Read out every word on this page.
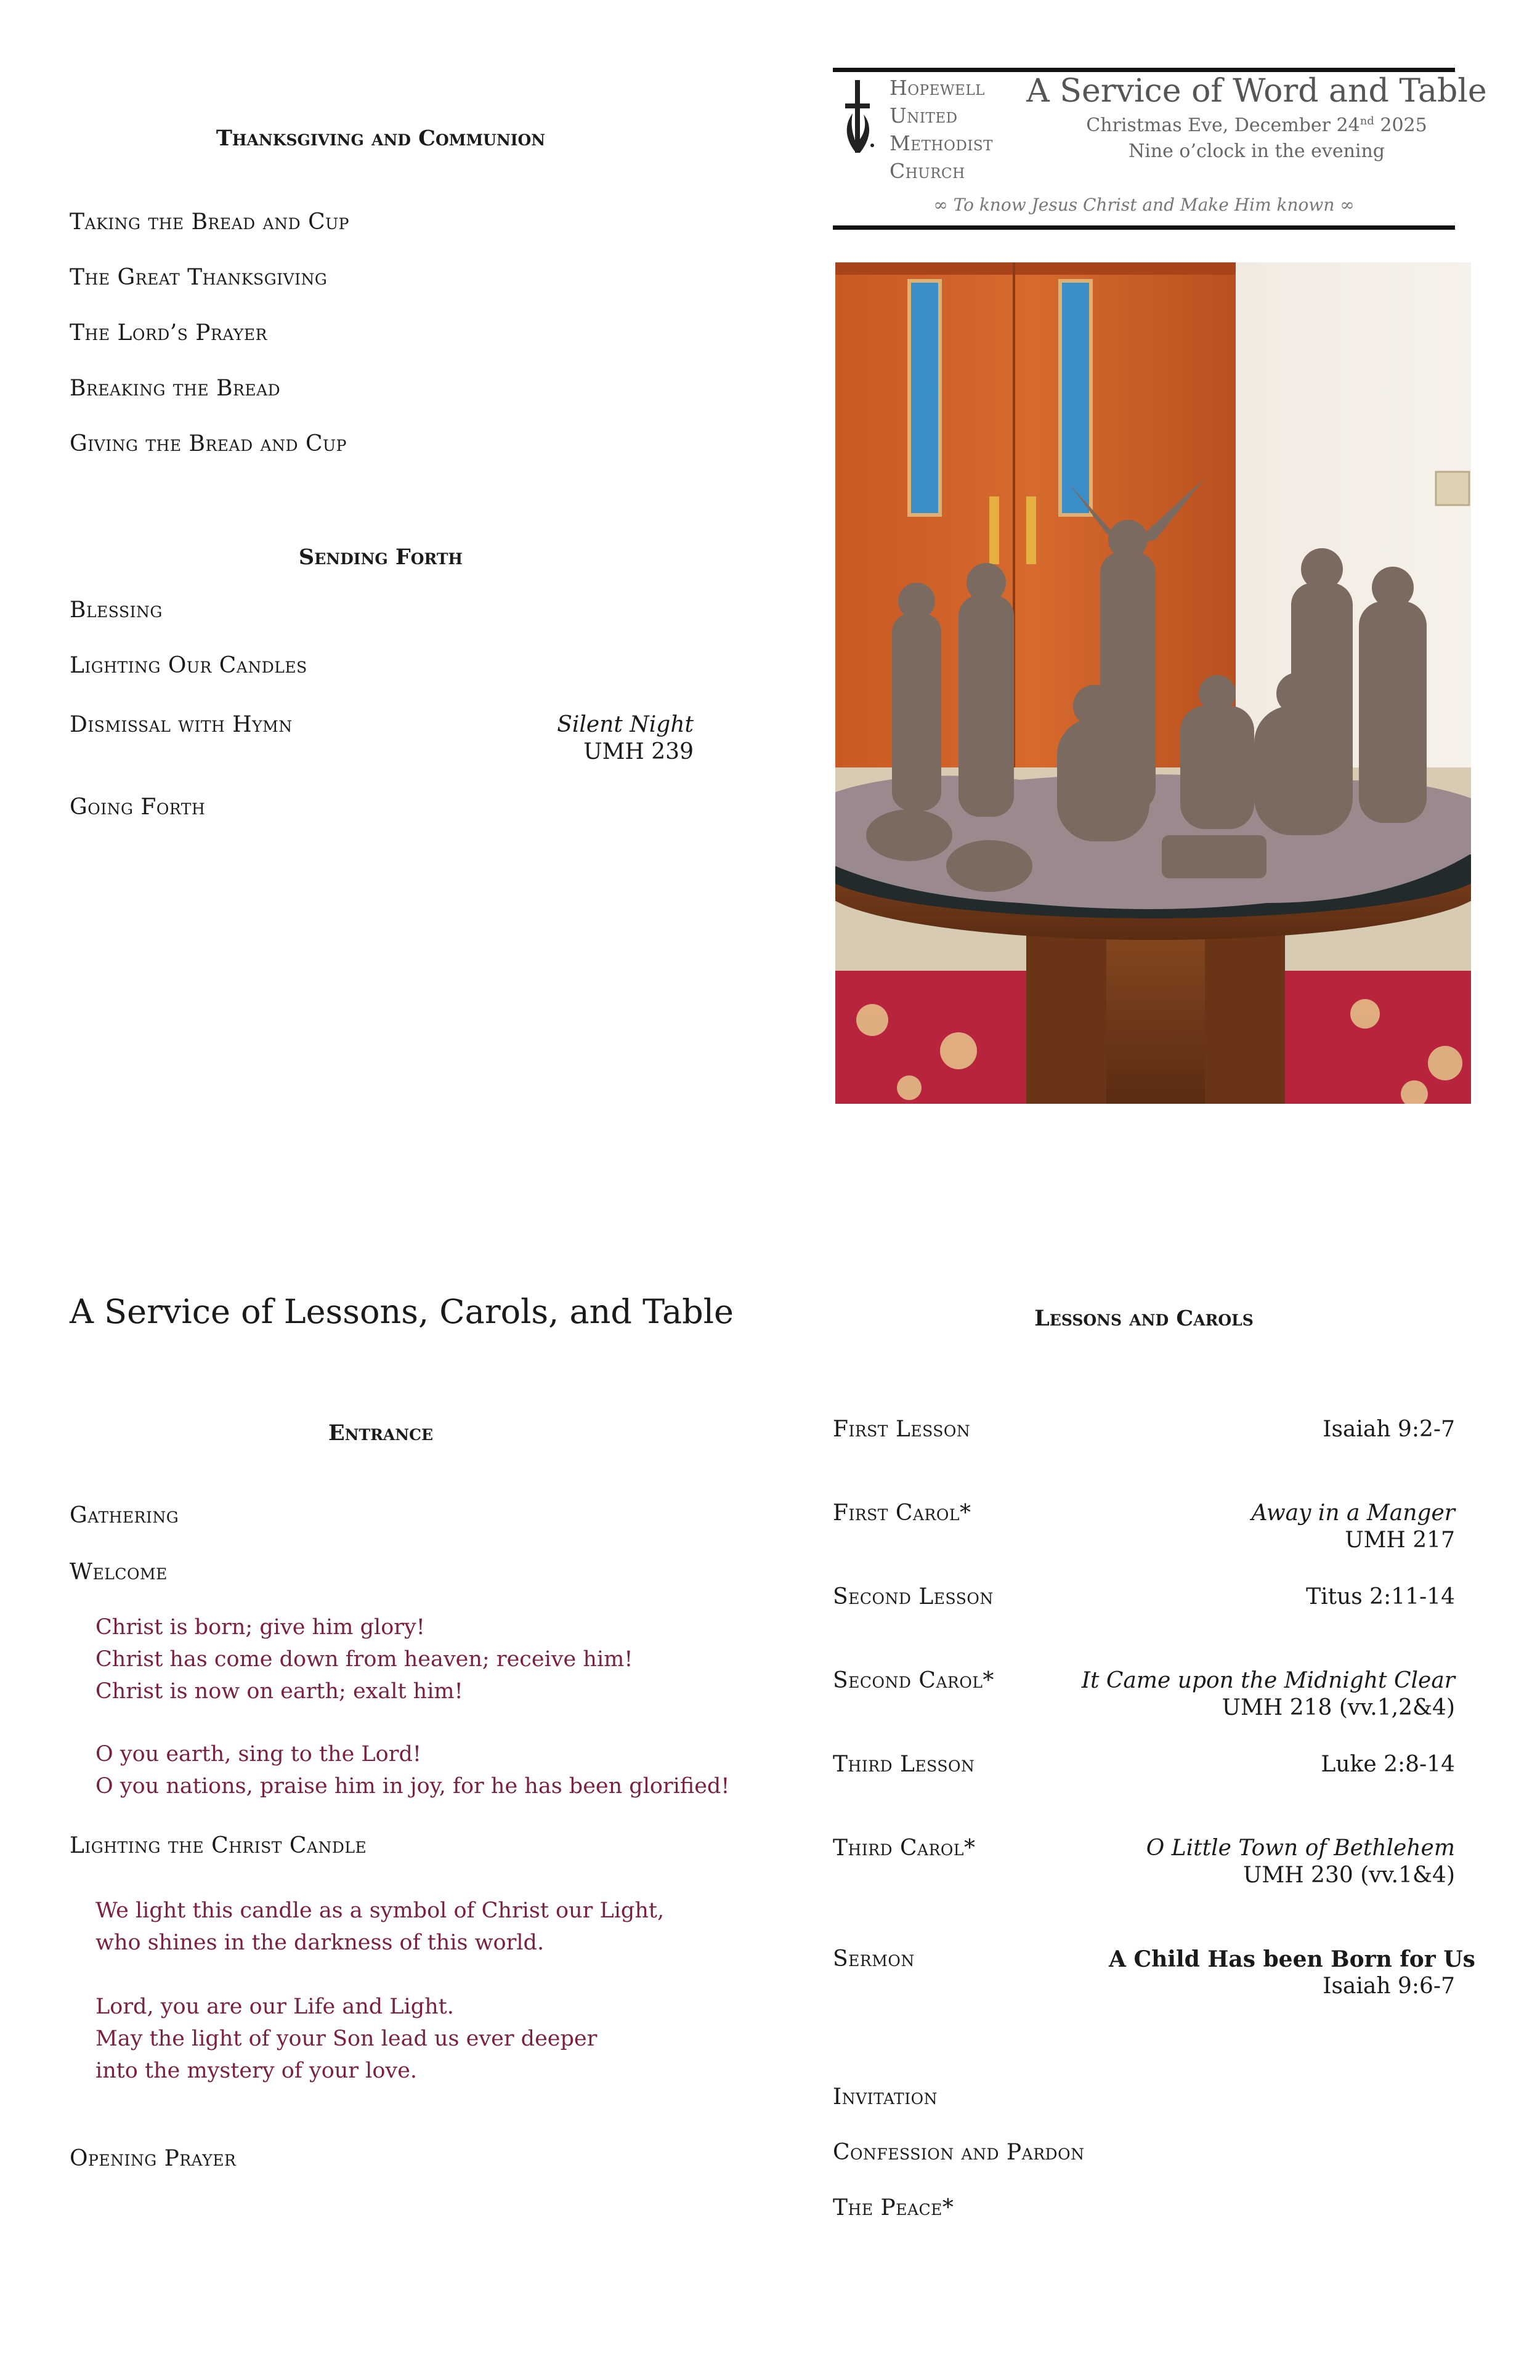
Thanksgiving and Communion
Taking the Bread and Cup
The Great Thanksgiving
The Lord’s Prayer
Breaking the Bread
Giving the Bread and Cup
Sending Forth
Blessing
Lighting Our Candles
Dismissal with Hymn	Silent Night
UMH 239
Going Forth
Hopewell
United
Methodist
Church
A Service of Word and Table
Christmas Eve, December 24nd 2025
Nine o’clock in the evening
∞ To know Jesus Christ and Make Him known ∞
A Service of Lessons, Carols, and Table
Entrance
Gathering
Welcome
Christ is born; give him glory!
Christ has come down from heaven; receive him!
Christ is now on earth; exalt him!
O you earth, sing to the Lord!
O you nations, praise him in joy, for he has been glorified!
Lighting the Christ Candle
We light this candle as a symbol of Christ our Light,
who shines in the darkness of this world.
Lord, you are our Life and Light.
May the light of your Son lead us ever deeper
into the mystery of your love.
Opening Prayer
Lessons and Carols
First Lesson	Isaiah 9:2-7
First Carol*	Away in a Manger
UMH 217
Second Lesson	Titus 2:11-14
Second Carol*	It Came upon the Midnight Clear
UMH 218 (vv.1,2&4)
Third Lesson	Luke 2:8-14
Third Carol*	O Little Town of Bethlehem
UMH 230 (vv.1&4)
Sermon	A Child Has been Born for Us
Isaiah 9:6-7
Invitation
Confession and Pardon
The Peace*
